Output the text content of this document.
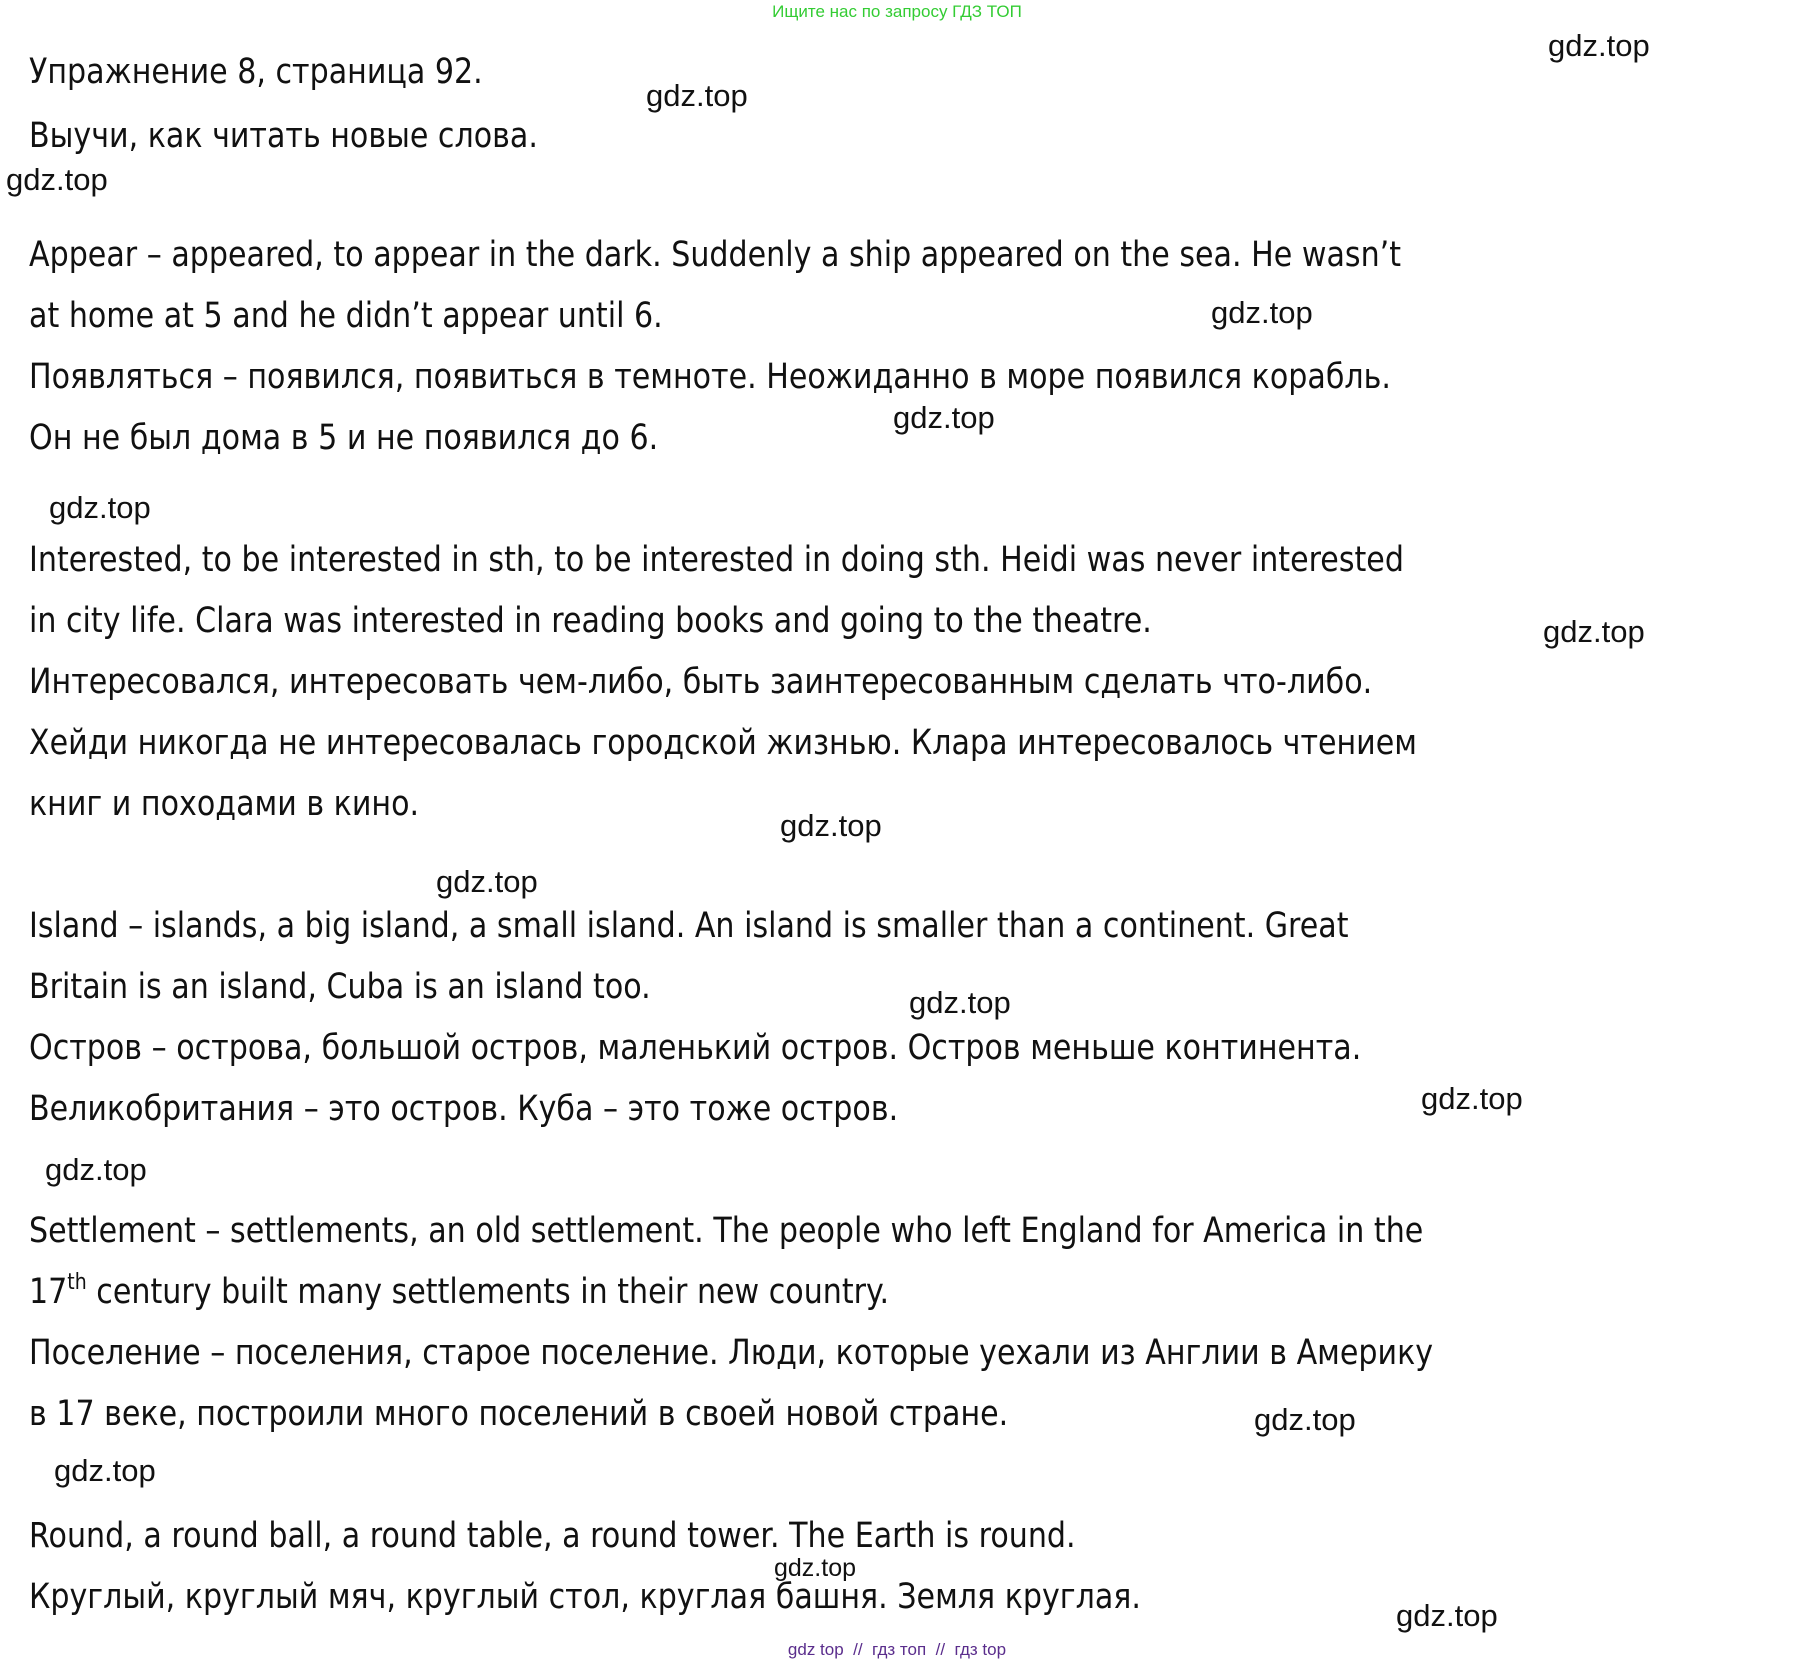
Ищите нас по запросу ГДЗ ТОП

Упражнение 8, страница 92.

Выучи, как читать новые слова.

Appear – appeared, to appear in the dark. Suddenly a ship appeared on the sea. He wasn’t

at home at 5 and he didn’t appear until 6.

Появляться – появился, появиться в темноте. Неожиданно в море появился корабль.

Он не был дома в 5 и не появился до 6.

Interested, to be interested in sth, to be interested in doing sth. Heidi was never interested

in city life. Clara was interested in reading books and going to the theatre.

Интересовался, интересовать чем-либо, быть заинтересованным сделать что-либо.

Хейди никогда не интересовалась городской жизнью. Клара интересовалось чтением

книг и походами в кино.

Island – islands, a big island, a small island. An island is smaller than a continent. Great

Britain is an island, Cuba is an island too.

Остров – острова, большой остров, маленький остров. Остров меньше континента.

Великобритания – это остров. Куба – это тоже остров.

Settlement – settlements, an old settlement. The people who left England for America in the

17th century built many settlements in their new country.

Поселение – поселения, старое поселение. Люди, которые уехали из Англии в Америку

в 17 веке, построили много поселений в своей новой стране.

Round, a round ball, a round table, a round tower. The Earth is round.

Круглый, круглый мяч, круглый стол, круглая башня. Земля круглая.

gdz.top
gdz.top
gdz.top
gdz.top
gdz.top
gdz.top
gdz.top
gdz.top
gdz.top
gdz.top
gdz.top
gdz.top
gdz.top
gdz.top
gdz.top
gdz.top
gdz top // гдз топ // гдз top
